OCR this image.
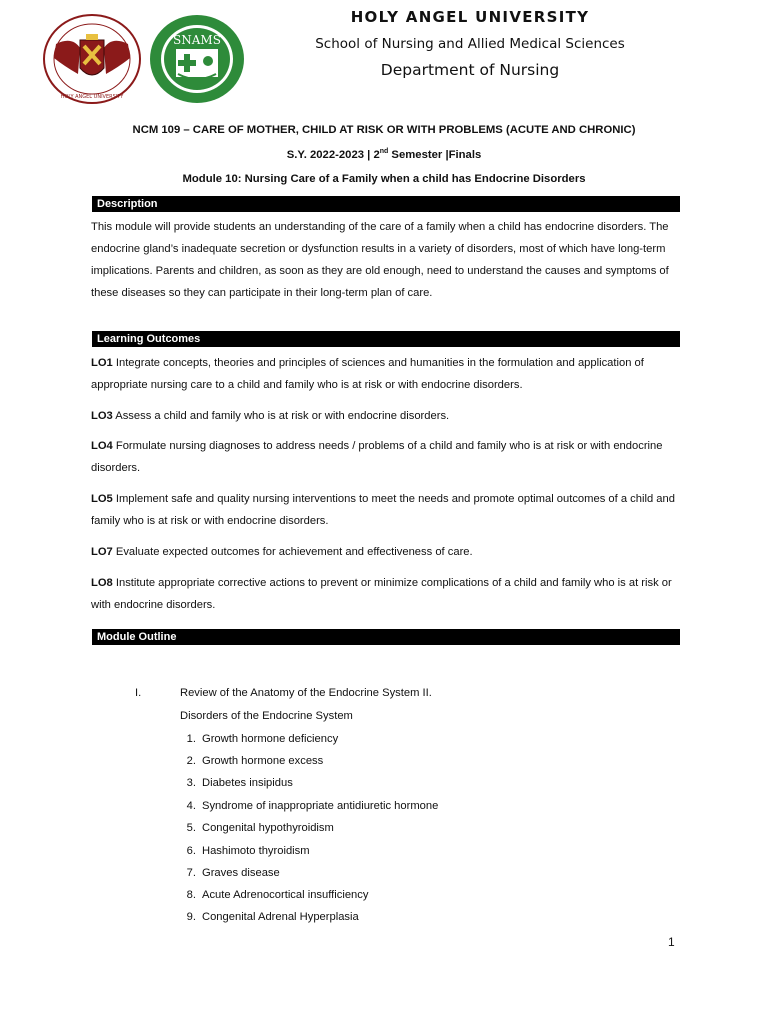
HOLY ANGEL UNIVERSITY
SNAMS
HOLY ANGEL UNIVERSITY
School of Nursing and Allied Medical Sciences
Department of Nursing
NCM 109 – CARE OF MOTHER, CHILD AT RISK OR WITH PROBLEMS (ACUTE AND CHRONIC)
S.Y. 2022-2023 | 2nd Semester |Finals
Module 10: Nursing Care of a Family when a child has Endocrine Disorders
Description

This module will provide students an understanding of the care of a family when a child has endocrine disorders. The endocrine gland’s inadequate secretion or dysfunction results in a variety of disorders, most of which have long-term implications. Parents and children, as soon as they are old enough, need to understand the causes and symptoms of these diseases so they can participate in their long-term plan of care.

Learning Outcomes

LO1 Integrate concepts, theories and principles of sciences and humanities in the formulation and application of appropriate nursing care to a child and family who is at risk or with endocrine disorders.

LO3 Assess a child and family who is at risk or with endocrine disorders.

LO4 Formulate nursing diagnoses to address needs / problems of a child and family who is at risk or with endocrine disorders.

LO5 Implement safe and quality nursing interventions to meet the needs and promote optimal outcomes of a child and family who is at risk or with endocrine disorders.

LO7 Evaluate expected outcomes for achievement and effectiveness of care.

LO8 Institute appropriate corrective actions to prevent or minimize complications of a child and family who is at risk or with endocrine disorders.

Module Outline
I.	Review of the Anatomy of the Endocrine System II.
Disorders of the Endocrine System
1. Growth hormone deficiency
2. Growth hormone excess
3. Diabetes insipidus
4. Syndrome of inappropriate antidiuretic hormone
5. Congenital hypothyroidism
6. Hashimoto thyroidism
7. Graves disease
8. Acute Adrenocortical insufficiency
9. Congenital Adrenal Hyperplasia
1
